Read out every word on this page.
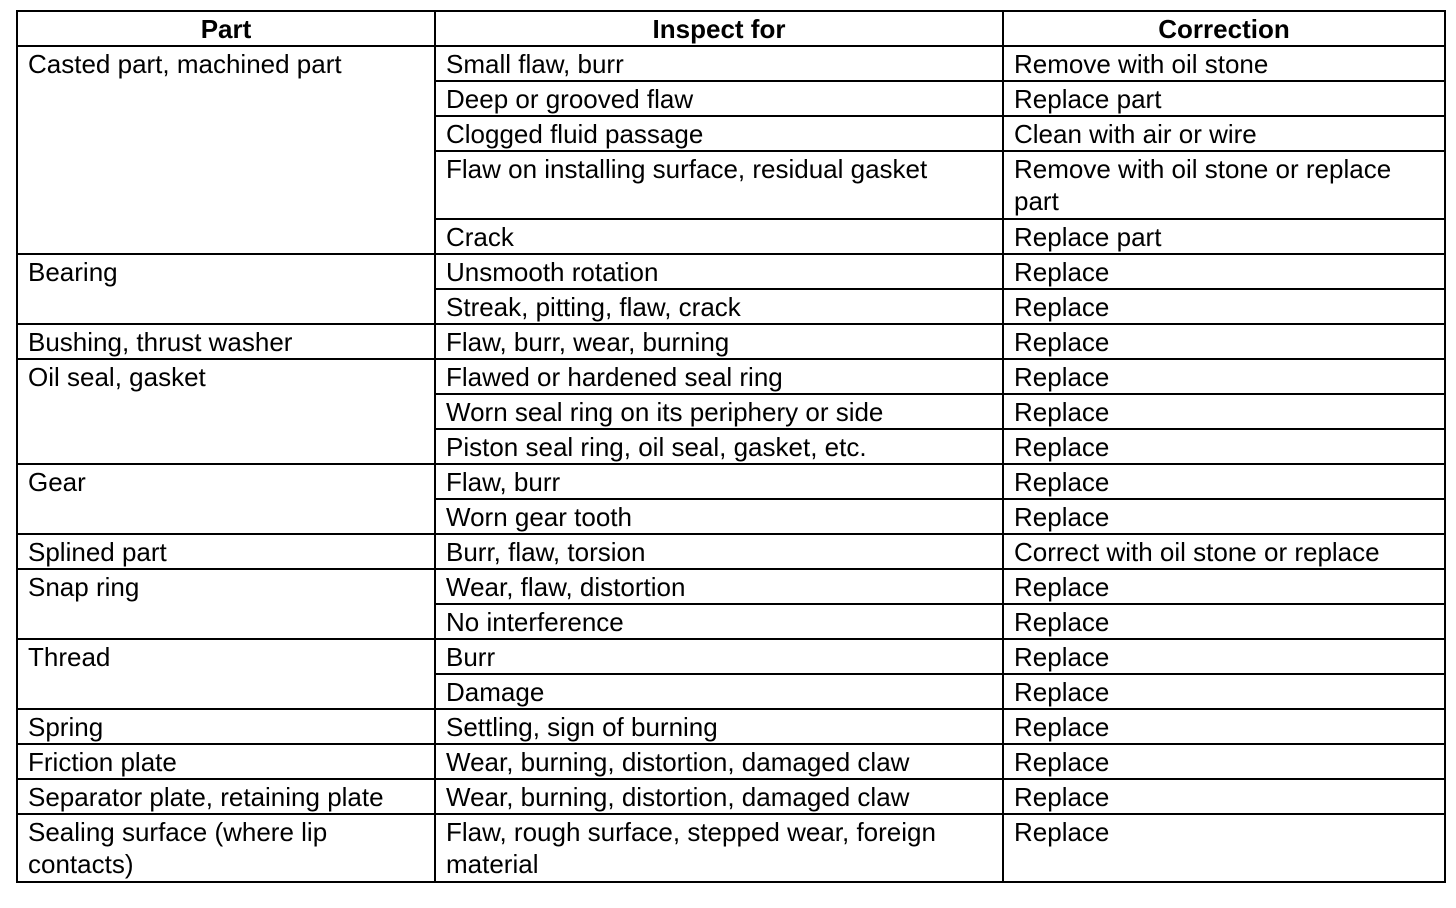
Part	Inspect for	Correction
Casted part, machined part	Small flaw, burr	Remove with oil stone
	Deep or grooved flaw	Replace part
	Clogged fluid passage	Clean with air or wire
	Flaw on installing surface, residual gasket	Remove with oil stone or replace part
	Crack	Replace part
Bearing	Unsmooth rotation	Replace
	Streak, pitting, flaw, crack	Replace
Bushing, thrust washer	Flaw, burr, wear, burning	Replace
Oil seal, gasket	Flawed or hardened seal ring	Replace
	Worn seal ring on its periphery or side	Replace
	Piston seal ring, oil seal, gasket, etc.	Replace
Gear	Flaw, burr	Replace
	Worn gear tooth	Replace
Splined part	Burr, flaw, torsion	Correct with oil stone or replace
Snap ring	Wear, flaw, distortion	Replace
	No interference	Replace
Thread	Burr	Replace
	Damage	Replace
Spring	Settling, sign of burning	Replace
Friction plate	Wear, burning, distortion, damaged claw	Replace
Separator plate, retaining plate	Wear, burning, distortion, damaged claw	Replace
Sealing surface (where lip contacts)	Flaw, rough surface, stepped wear, foreign material	Replace
